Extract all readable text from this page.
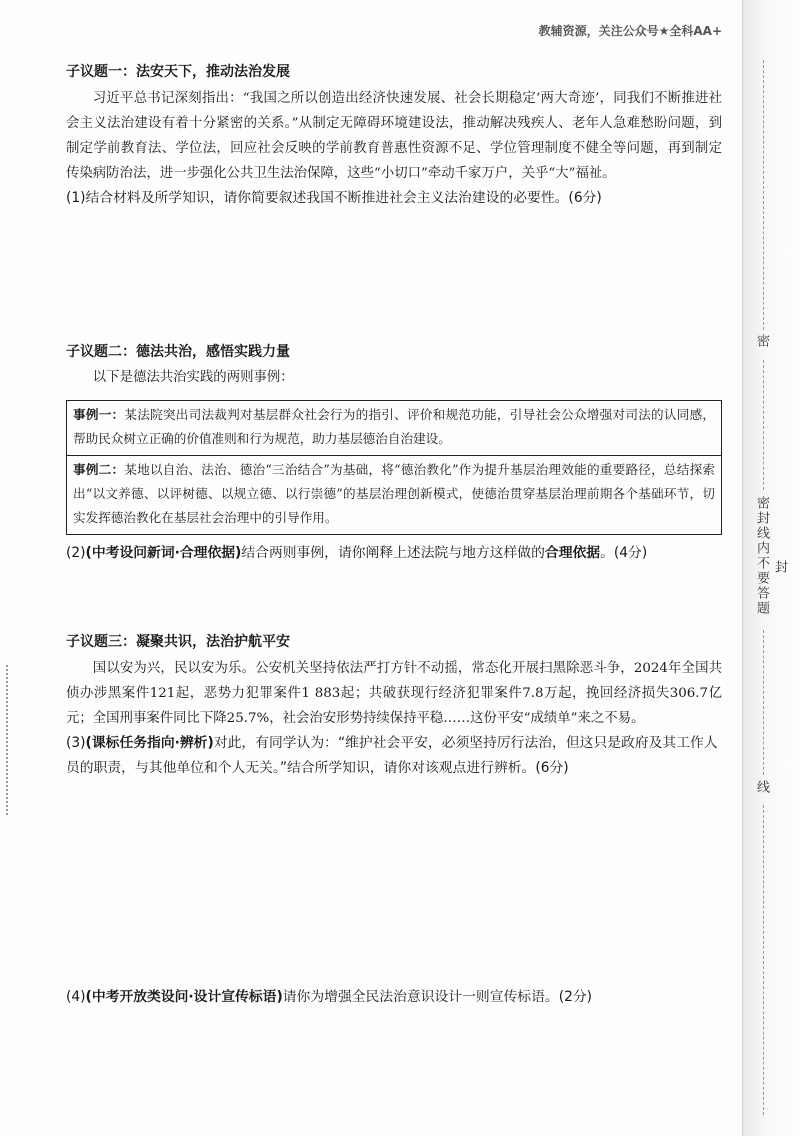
教辅资源，关注公众号★全科AA+
子议题一：法安天下，推动法治发展

习近平总书记深刻指出：“我国之所以创造出经济快速发展、社会长期稳定‘两大奇迹’，同我们不断推进社会主义法治建设有着十分紧密的关系。”从制定无障碍环境建设法，推动解决残疾人、老年人急难愁盼问题，到制定学前教育法、学位法，回应社会反映的学前教育普惠性资源不足、学位管理制度不健全等问题，再到制定传染病防治法，进一步强化公共卫生法治保障，这些“小切口”牵动千家万户，关乎“大”福祉。

(1)结合材料及所学知识，请你简要叙述我国不断推进社会主义法治建设的必要性。(6分)

子议题二：德法共治，感悟实践力量

以下是德法共治实践的两则事例：

事例一：某法院突出司法裁判对基层群众社会行为的指引、评价和规范功能，引导社会公众增强对司法的认同感，帮助民众树立正确的价值准则和行为规范，助力基层德治自治建设。
事例二：某地以自治、法治、德治“三治结合”为基础，将“德治教化”作为提升基层治理效能的重要路径，总结探索出“以文养德、以评树德、以规立德、以行崇德”的基层治理创新模式，使德治贯穿基层治理前期各个基础环节，切实发挥德治教化在基层社会治理中的引导作用。

(2)(中考设问新词·合理依据)结合两则事例，请你阐释上述法院与地方这样做的合理依据。(4分)

子议题三：凝聚共识，法治护航平安

国以安为兴，民以安为乐。公安机关坚持依法严打方针不动摇，常态化开展扫黑除恶斗争，2024年全国共侦办涉黑案件121起，恶势力犯罪案件1 883起；共破获现行经济犯罪案件7.8万起，挽回经济损失306.7亿元；全国刑事案件同比下降25.7%，社会治安形势持续保持平稳……这份平安“成绩单”来之不易。

(3)(课标任务指向·辨析)对此，有同学认为：“维护社会平安，必须坚持厉行法治，但这只是政府及其工作人员的职责，与其他单位和个人无关。”结合所学知识，请你对该观点进行辨析。(6分)

(4)(中考开放类设问·设计宣传标语)请你为增强全民法治意识设计一则宣传标语。(2分)

密
密封线内不要答题 封
线
